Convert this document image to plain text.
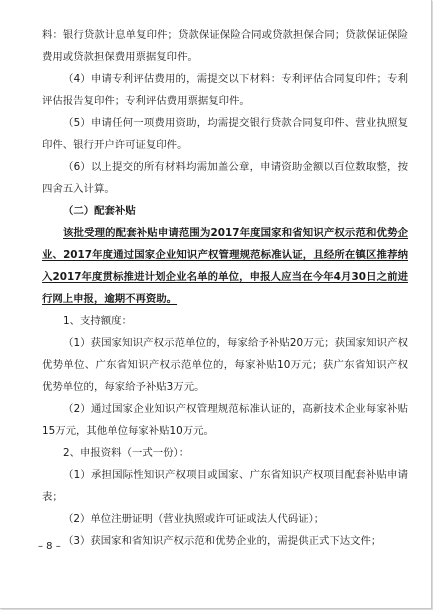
料：银行贷款计息单复印件；贷款保证保险合同或贷款担保合同；贷款保证保险费用或贷款担保费用票据复印件。

（4）申请专利评估费用的，需提交以下材料：专利评估合同复印件；专利评估报告复印件；专利评估费用票据复印件。

（5）申请任何一项费用资助，均需提交银行贷款合同复印件、营业执照复印件、银行开户许可证复印件。

（6）以上提交的所有材料均需加盖公章，申请资助金额以百位数取整，按四舍五入计算。

（二）配套补贴

该批受理的配套补贴申请范围为2017年度国家和省知识产权示范和优势企业、2017年度通过国家企业知识产权管理规范标准认证，且经所在镇区推荐纳入2017年度贯标推进计划企业名单的单位，申报人应当在今年4月30日之前进行网上申报，逾期不再资助。

1、支持额度：

（1）获国家知识产权示范单位的，每家给予补贴20万元；获国家知识产权优势单位、广东省知识产权示范单位的，每家补贴10万元；获广东省知识产权优势单位的，每家给予补贴3万元。

（2）通过国家企业知识产权管理规范标准认证的，高新技术企业每家补贴15万元，其他单位每家补贴10万元。

2、申报资料（一式一份）：

（1）承担国际性知识产权项目或国家、广东省知识产权项目配套补贴申请表；

（2）单位注册证明（营业执照或许可证或法人代码证）；

（3）获国家和省知识产权示范和优势企业的，需提供正式下达文件；

– 8 –
